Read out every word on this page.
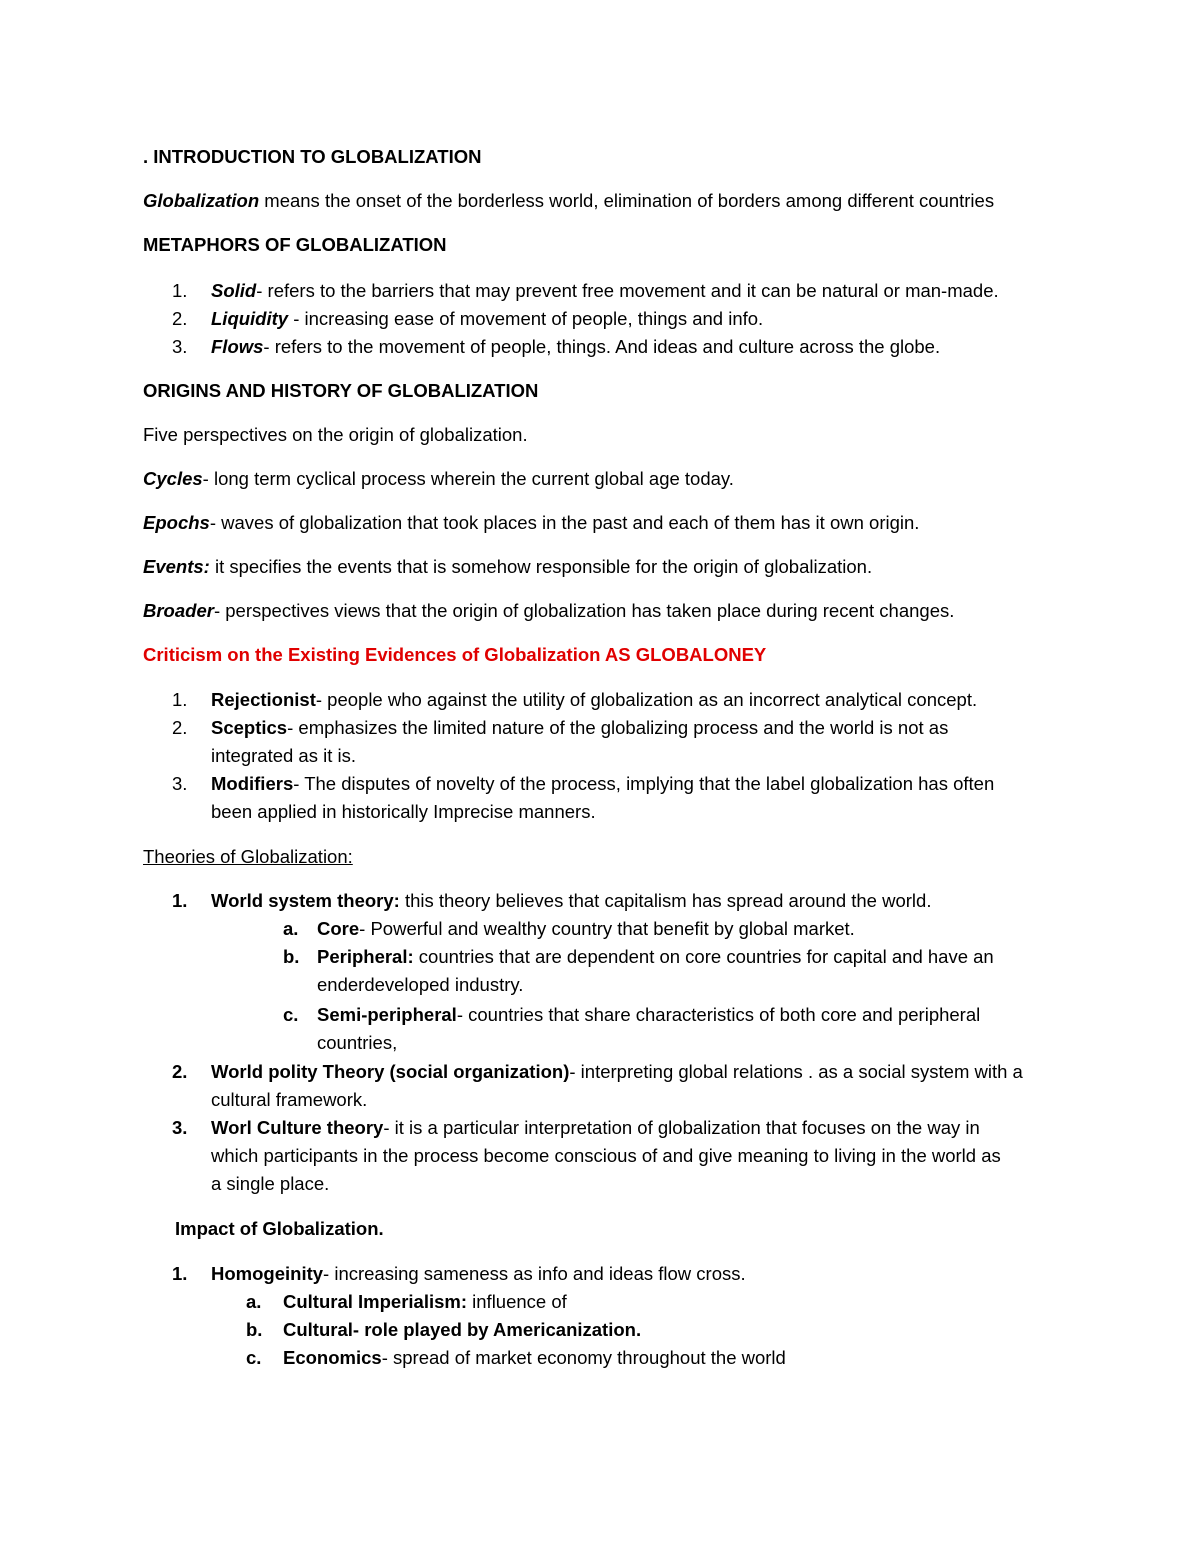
. INTRODUCTION TO GLOBALIZATION
Globalization means the onset of the borderless world, elimination of borders among different countries
METAPHORS OF GLOBALIZATION
1. Solid- refers to the barriers that may prevent free movement and it can be natural or man-made.
2. Liquidity - increasing ease of movement of people, things and info.
3. Flows- refers to the movement of people, things. And ideas and culture across the globe.
ORIGINS AND HISTORY OF GLOBALIZATION
Five perspectives on the origin of globalization.
Cycles- long term cyclical process wherein the current global age today.
Epochs- waves of globalization that took places in the past and each of them has it own origin.
Events: it specifies the events that is somehow responsible for the origin of globalization.
Broader- perspectives views that the origin of globalization has taken place during recent changes.
Criticism on the Existing Evidences of Globalization AS GLOBALONEY
1. Rejectionist- people who against the utility of globalization as an incorrect analytical concept.
2. Sceptics- emphasizes the limited nature of the globalizing process and the world is not as
integrated as it is.
3. Modifiers- The disputes of novelty of the process, implying that the label globalization has often
been applied in historically Imprecise manners.
Theories of Globalization:
1. World system theory: this theory believes that capitalism has spread around the world.
a. Core- Powerful and wealthy country that benefit by global market.
b. Peripheral: countries that are dependent on core countries for capital and have an
enderdeveloped industry.
c. Semi-peripheral- countries that share characteristics of both core and peripheral
countries,
2. World polity Theory (social organization)- interpreting global relations . as a social system with a
cultural framework.
3. Worl Culture theory- it is a particular interpretation of globalization that focuses on the way in
which participants in the process become conscious of and give meaning to living in the world as
a single place.
Impact of Globalization.
1. Homogeinity- increasing sameness as info and ideas flow cross.
a. Cultural Imperialism: influence of
b. Cultural- role played by Americanization.
c. Economics- spread of market economy throughout the world
